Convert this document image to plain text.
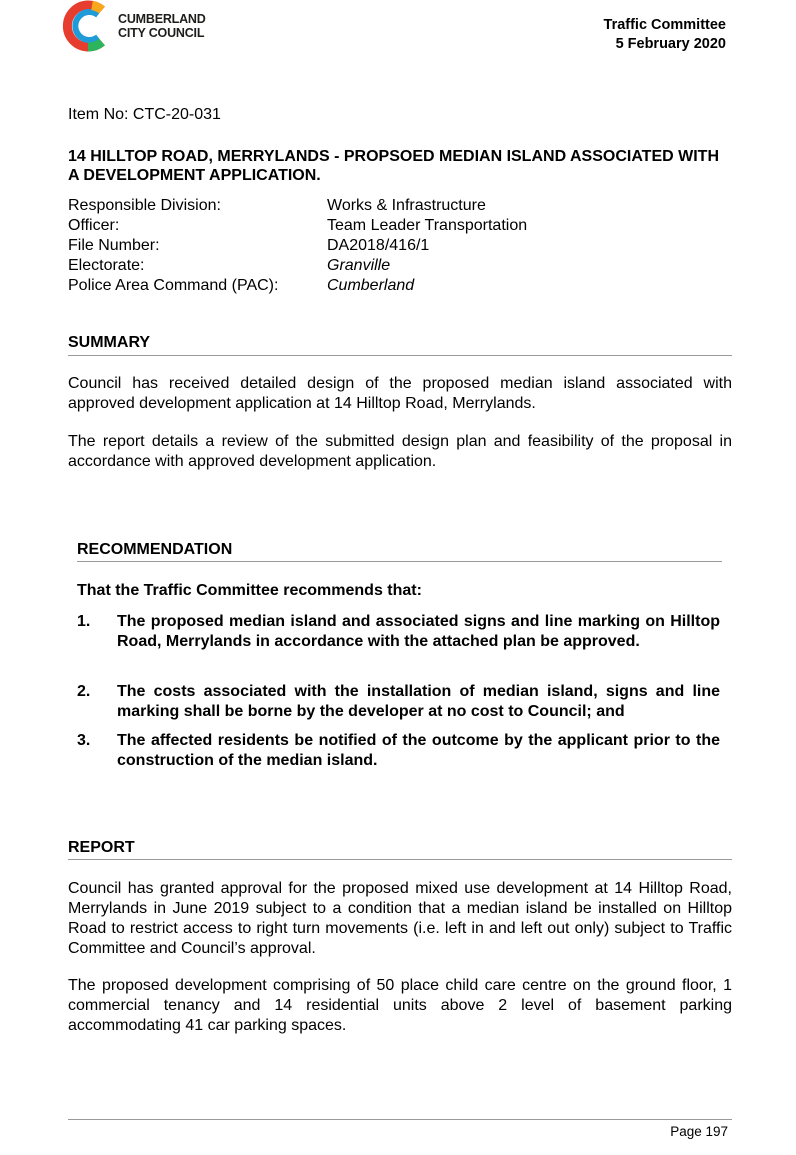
CUMBERLAND
CITY COUNCIL	Traffic Committee
5 February 2020
Item No: CTC-20-031
14 HILLTOP ROAD, MERRYLANDS - PROPSOED MEDIAN ISLAND ASSOCIATED WITH A DEVELOPMENT APPLICATION.
Responsible Division:	Works & Infrastructure
Officer:	Team Leader Transportation
File Number:	DA2018/416/1
Electorate:	Granville
Police Area Command (PAC):	Cumberland
SUMMARY
Council has received detailed design of the proposed median island associated with approved development application at 14 Hilltop Road, Merrylands.
The report details a review of the submitted design plan and feasibility of the proposal in accordance with approved development application.
RECOMMENDATION
That the Traffic Committee recommends that:
1.	The proposed median island and associated signs and line marking on Hilltop Road, Merrylands in accordance with the attached plan be approved.
2.	The costs associated with the installation of median island, signs and line marking shall be borne by the developer at no cost to Council; and
3.	The affected residents be notified of the outcome by the applicant prior to the construction of the median island.
REPORT
Council has granted approval for the proposed mixed use development at 14 Hilltop Road, Merrylands in June 2019 subject to a condition that a median island be installed on Hilltop Road to restrict access to right turn movements (i.e. left in and left out only) subject to Traffic Committee and Council’s approval.
The proposed development comprising of 50 place child care centre on the ground floor, 1 commercial tenancy and 14 residential units above 2 level of basement parking accommodating 41 car parking spaces.
Page 197
